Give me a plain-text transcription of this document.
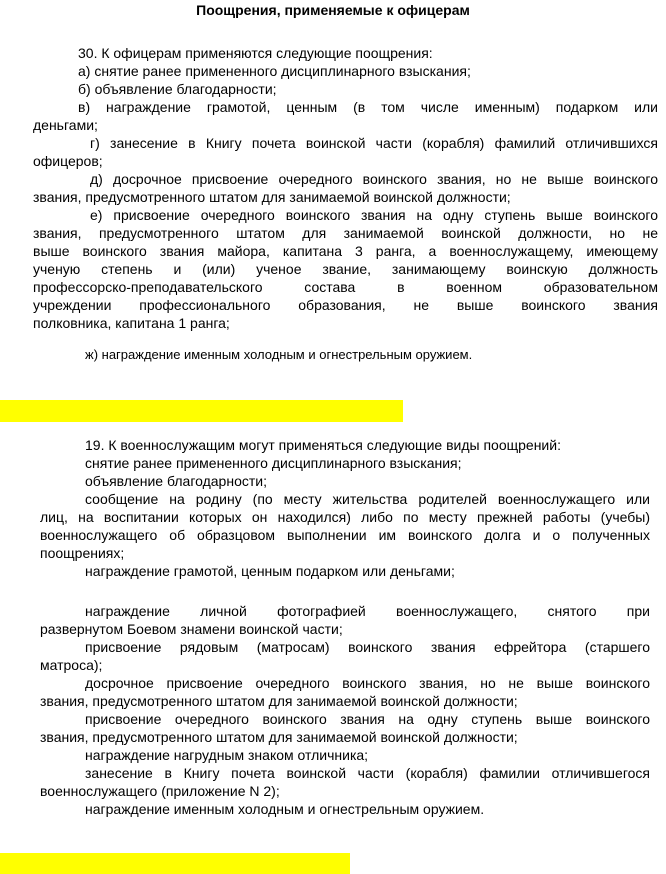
Поощрения, применяемые к офицерам
30. К офицерам применяются следующие поощрения:
а) снятие ранее примененного дисциплинарного взыскания;
б) объявление благодарности;
в) награждение грамотой, ценным (в том числе именным) подарком или
деньгами;
г) занесение в Книгу почета воинской части (корабля) фамилий отличившихся
офицеров;
д) досрочное присвоение очередного воинского звания, но не выше воинского
звания, предусмотренного штатом для занимаемой воинской должности;
е) присвоение очередного воинского звания на одну ступень выше воинского
звания, предусмотренного штатом для занимаемой воинской должности, но не
выше воинского звания майора, капитана 3 ранга, а военнослужащему, имеющему
ученую степень и (или) ученое звание, занимающему воинскую должность
профессорско-преподавательского состава в военном образовательном
учреждении профессионального образования, не выше воинского звания
полковника, капитана 1 ранга;
ж) награждение именным холодным и огнестрельным оружием.
19. К военнослужащим могут применяться следующие виды поощрений:
снятие ранее примененного дисциплинарного взыскания;
объявление благодарности;
сообщение на родину (по месту жительства родителей военнослужащего или
лиц, на воспитании которых он находился) либо по месту прежней работы (учебы)
военнослужащего об образцовом выполнении им воинского долга и о полученных
поощрениях;
награждение грамотой, ценным подарком или деньгами;
награждение личной фотографией военнослужащего, снятого при
развернутом Боевом знамени воинской части;
присвоение рядовым (матросам) воинского звания ефрейтора (старшего
матроса);
досрочное присвоение очередного воинского звания, но не выше воинского
звания, предусмотренного штатом для занимаемой воинской должности;
присвоение очередного воинского звания на одну ступень выше воинского
звания, предусмотренного штатом для занимаемой воинской должности;
награждение нагрудным знаком отличника;
занесение в Книгу почета воинской части (корабля) фамилии отличившегося
военнослужащего (приложение N 2);
награждение именным холодным и огнестрельным оружием.
